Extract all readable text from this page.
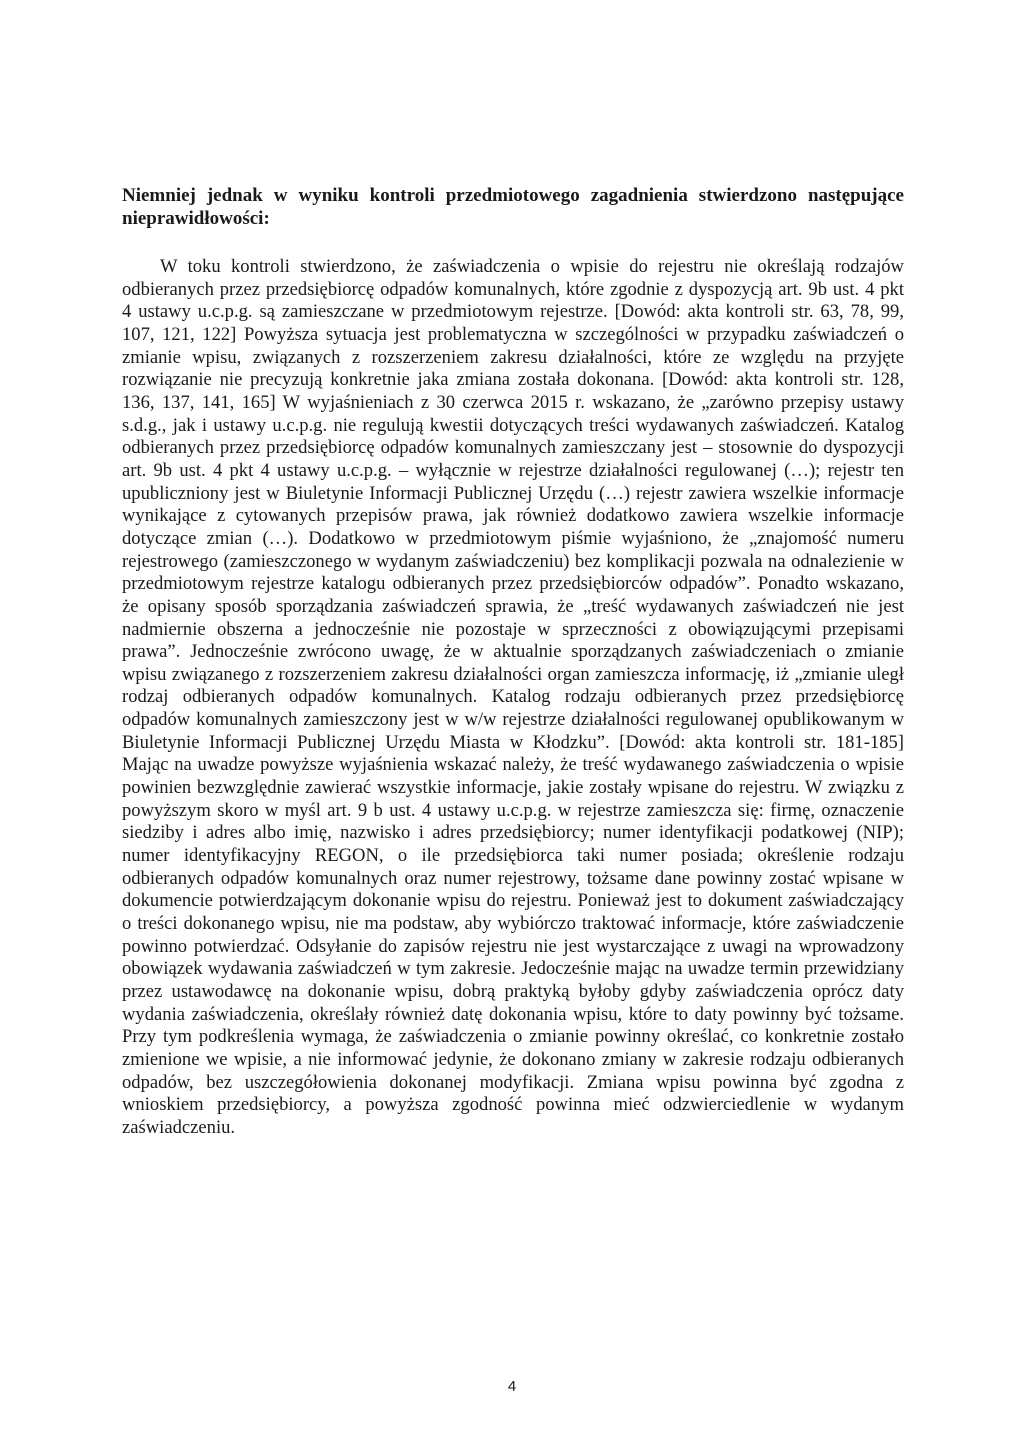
Niemniej jednak w wyniku kontroli przedmiotowego zagadnienia stwierdzono następujące nieprawidłowości:

W toku kontroli stwierdzono, że zaświadczenia o wpisie do rejestru nie określają rodzajów odbieranych przez przedsiębiorcę odpadów komunalnych, które zgodnie z dyspozycją art. 9b ust. 4 pkt 4 ustawy u.c.p.g. są zamieszczane w przedmiotowym rejestrze. [Dowód: akta kontroli str. 63, 78, 99, 107, 121, 122] Powyższa sytuacja jest problematyczna w szczególności w przypadku zaświadczeń o zmianie wpisu, związanych z rozszerzeniem zakresu działalności, które ze względu na przyjęte rozwiązanie nie precyzują konkretnie jaka zmiana została dokonana. [Dowód: akta kontroli str. 128, 136, 137, 141, 165] W wyjaśnieniach z 30 czerwca 2015 r. wskazano, że „zarówno przepisy ustawy s.d.g., jak i ustawy u.c.p.g. nie regulują kwestii dotyczących treści wydawanych zaświadczeń. Katalog odbieranych przez przedsiębiorcę odpadów komunalnych zamieszczany jest – stosownie do dyspozycji art. 9b ust. 4 pkt 4 ustawy u.c.p.g. – wyłącznie w rejestrze działalności regulowanej (…); rejestr ten upubliczniony jest w Biuletynie Informacji Publicznej Urzędu (…) rejestr zawiera wszelkie informacje wynikające z cytowanych przepisów prawa, jak również dodatkowo zawiera wszelkie informacje dotyczące zmian (…). Dodatkowo w przedmiotowym piśmie wyjaśniono, że „znajomość numeru rejestrowego (zamieszczonego w wydanym zaświadczeniu) bez komplikacji pozwala na odnalezienie w przedmiotowym rejestrze katalogu odbieranych przez przedsiębiorców odpadów”. Ponadto wskazano, że opisany sposób sporządzania zaświadczeń sprawia, że „treść wydawanych zaświadczeń nie jest nadmiernie obszerna a jednocześnie nie pozostaje w sprzeczności z obowiązującymi przepisami prawa”. Jednocześnie zwrócono uwagę, że w aktualnie sporządzanych zaświadczeniach o zmianie wpisu związanego z rozszerzeniem zakresu działalności organ zamieszcza informację, iż „zmianie uległ rodzaj odbieranych odpadów komunalnych. Katalog rodzaju odbieranych przez przedsiębiorcę odpadów komunalnych zamieszczony jest w w/w rejestrze działalności regulowanej opublikowanym w Biuletynie Informacji Publicznej Urzędu Miasta w Kłodzku”. [Dowód: akta kontroli str. 181-185] Mając na uwadze powyższe wyjaśnienia wskazać należy, że treść wydawanego zaświadczenia o wpisie powinien bezwzględnie zawierać wszystkie informacje, jakie zostały wpisane do rejestru. W związku z powyższym skoro w myśl art. 9 b ust. 4 ustawy u.c.p.g. w rejestrze zamieszcza się: firmę, oznaczenie siedziby i adres albo imię, nazwisko i adres przedsiębiorcy; numer identyfikacji podatkowej (NIP); numer identyfikacyjny REGON, o ile przedsiębiorca taki numer posiada; określenie rodzaju odbieranych odpadów komunalnych oraz numer rejestrowy, tożsame dane powinny zostać wpisane w dokumencie potwierdzającym dokonanie wpisu do rejestru. Ponieważ jest to dokument zaświadczający o treści dokonanego wpisu, nie ma podstaw, aby wybiórczo traktować informacje, które zaświadczenie powinno potwierdzać. Odsyłanie do zapisów rejestru nie jest wystarczające z uwagi na wprowadzony obowiązek wydawania zaświadczeń w tym zakresie. Jedocześnie mając na uwadze termin przewidziany przez ustawodawcę na dokonanie wpisu, dobrą praktyką byłoby gdyby zaświadczenia oprócz daty wydania zaświadczenia, określały również datę dokonania wpisu, które to daty powinny być tożsame. Przy tym podkreślenia wymaga, że zaświadczenia o zmianie powinny określać, co konkretnie zostało zmienione we wpisie, a nie informować jedynie, że dokonano zmiany w zakresie rodzaju odbieranych odpadów, bez uszczegółowienia dokonanej modyfikacji. Zmiana wpisu powinna być zgodna z wnioskiem przedsiębiorcy, a powyższa zgodność powinna mieć odzwierciedlenie w wydanym zaświadczeniu.

4
